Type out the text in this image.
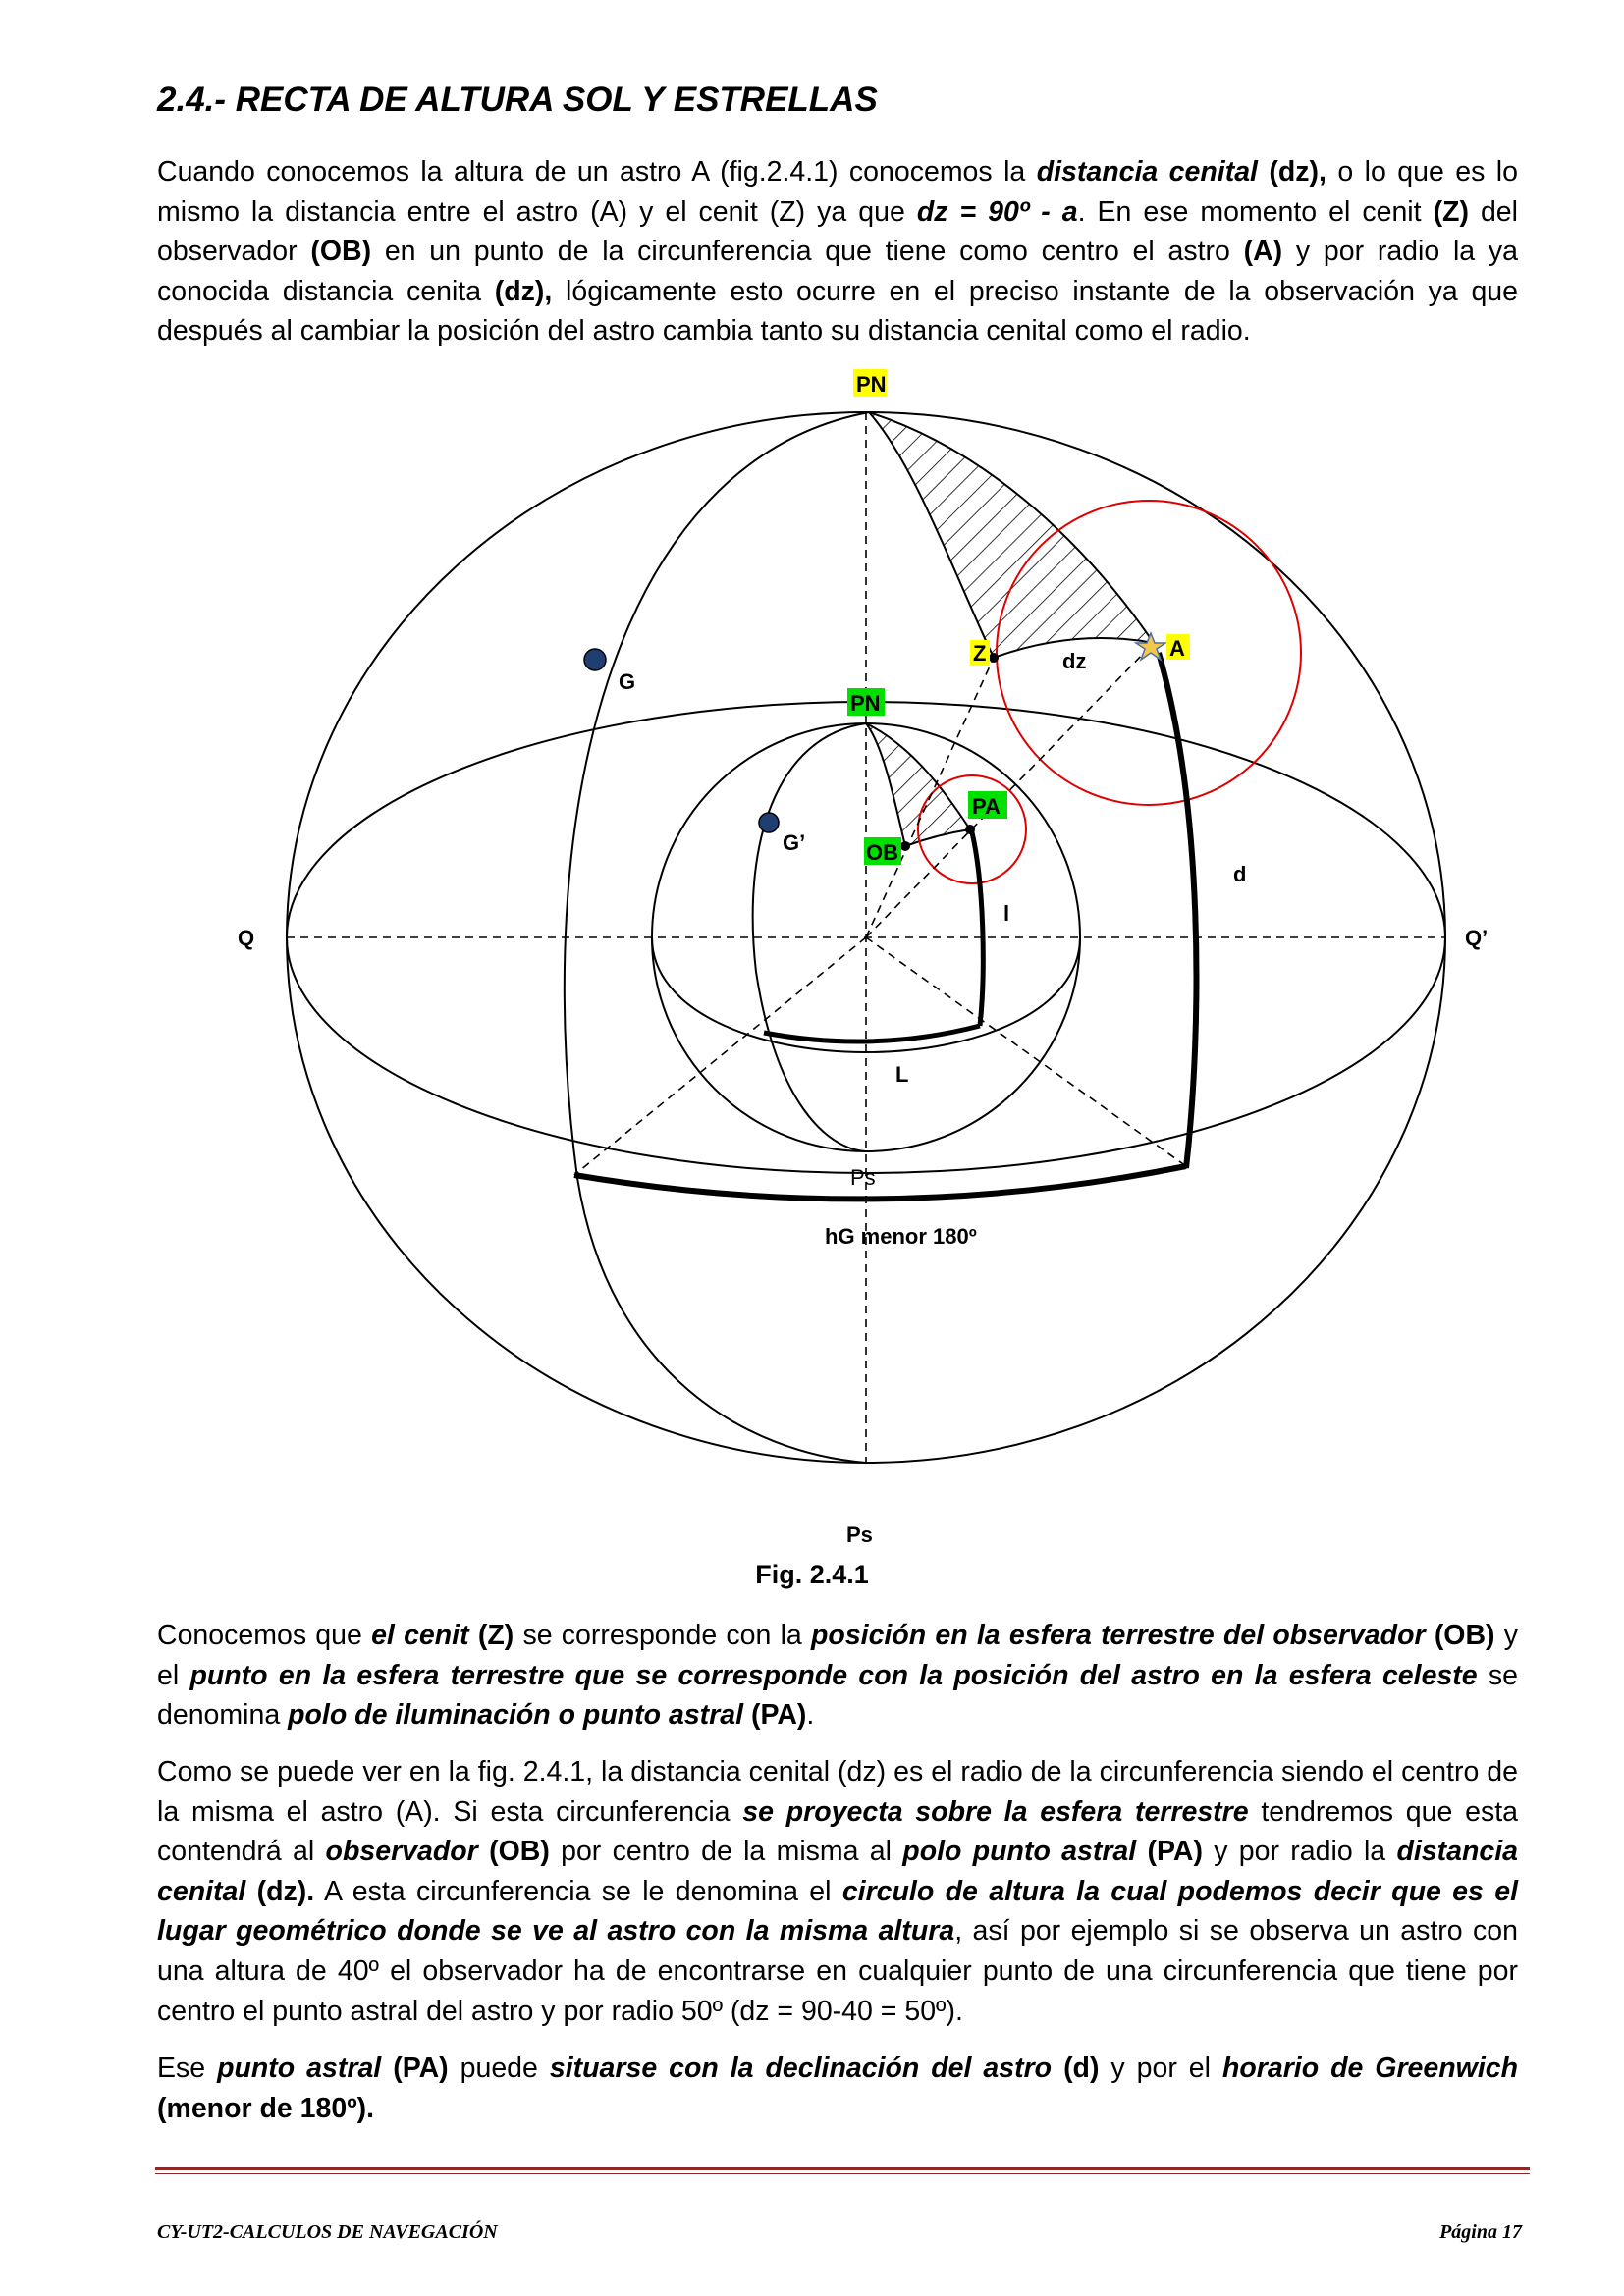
2.4.- RECTA DE ALTURA SOL Y ESTRELLAS

Cuando conocemos la altura de un astro A (fig.2.4.1) conocemos la distancia cenital (dz), o lo que es lo mismo la distancia entre el astro (A) y el cenit (Z) ya que dz = 90º - a. En ese momento el cenit (Z) del observador (OB) en un punto de la circunferencia que tiene como centro el astro (A) y por radio la ya conocida distancia cenita (dz), lógicamente esto ocurre en el preciso instante de la observación ya que después al cambiar la posición del astro cambia tanto su distancia cenital como el radio.

PN
Z	A
dz
G
PN
PA
G’	OB
d
l
Q	Q’
L
Ps
hG menor 180º
Ps
Fig. 2.4.1

Conocemos que el cenit (Z) se corresponde con la posición en la esfera terrestre del observador (OB) y el punto en la esfera terrestre que se corresponde con la posición del astro en la esfera celeste se denomina polo de iluminación o punto astral (PA).

Como se puede ver en la fig. 2.4.1, la distancia cenital (dz) es el radio de la circunferencia siendo el centro de la misma el astro (A). Si esta circunferencia se proyecta sobre la esfera terrestre tendremos que esta contendrá al observador (OB) por centro de la misma al polo punto astral (PA) y por radio la distancia cenital (dz). A esta circunferencia se le denomina el circulo de altura la cual podemos decir que es el lugar geométrico donde se ve al astro con la misma altura, así por ejemplo si se observa un astro con una altura de 40º el observador ha de encontrarse en cualquier punto de una circunferencia que tiene por centro el punto astral del astro y por radio 50º (dz = 90-40 = 50º).

Ese punto astral (PA) puede situarse con la declinación del astro (d) y por el horario de Greenwich (menor de 180º).

CY-UT2-CALCULOS DE NAVEGACIÓN	Página 17
